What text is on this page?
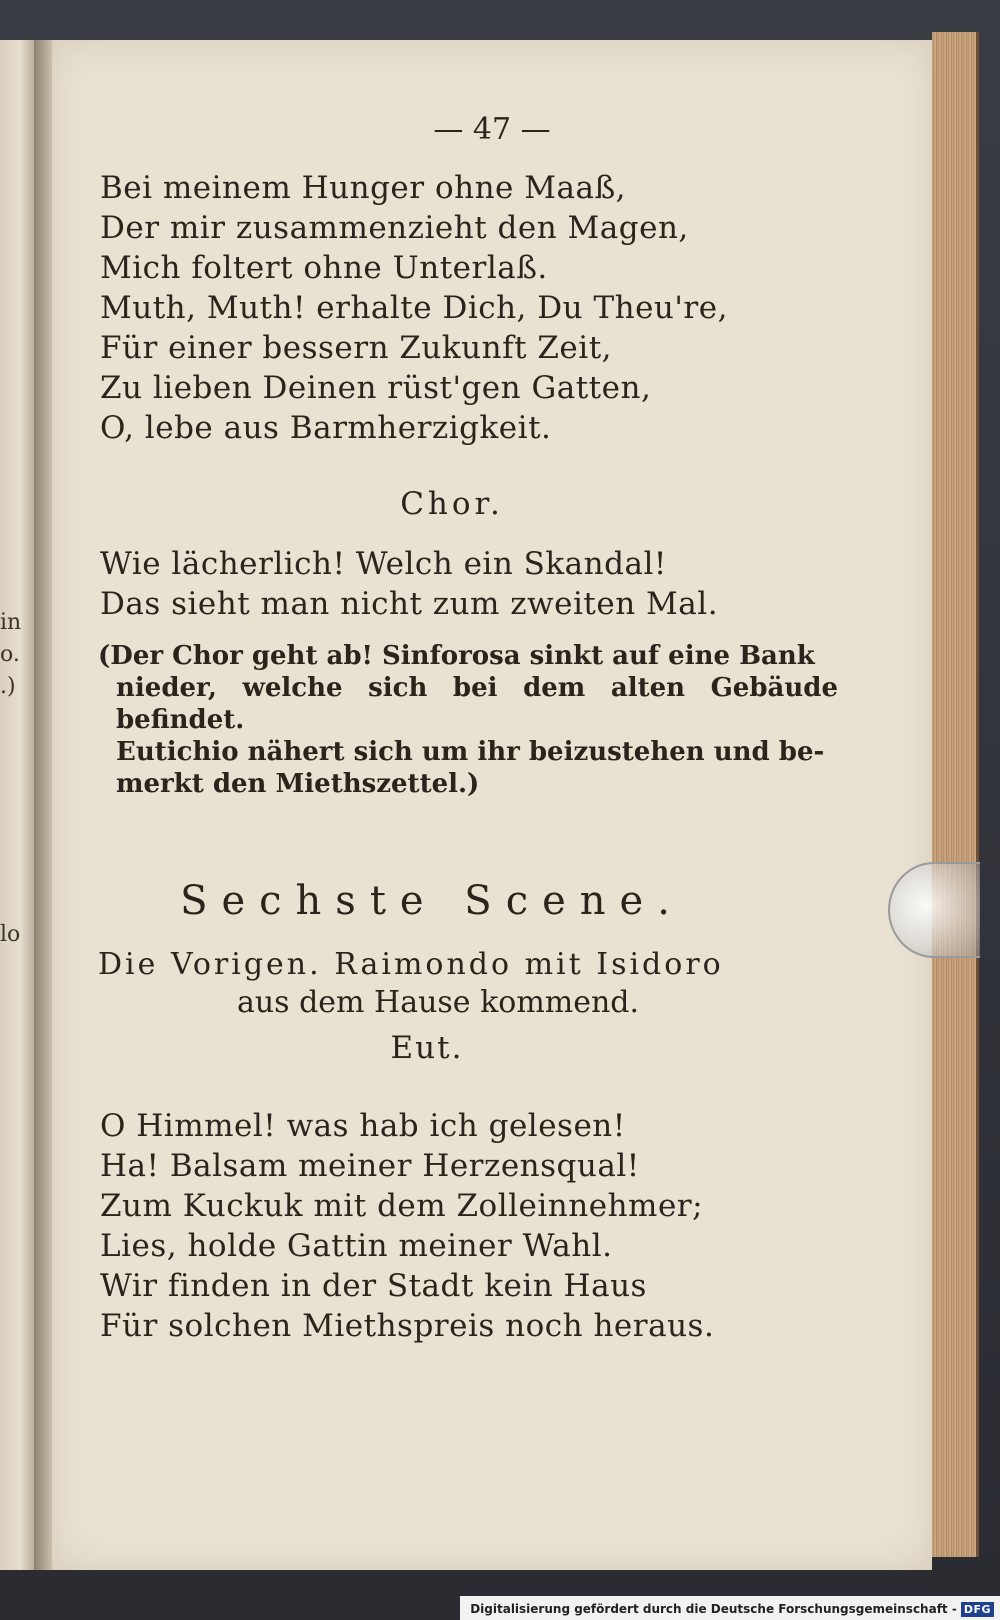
in
o.
.)
lo
— 47 —
Bei meinem Hunger ohne Maaß,
Der mir zusammenzieht den Magen,
Mich foltert ohne Unterlaß.
Muth, Muth! erhalte Dich, Du Theu're,
Für einer bessern Zukunft Zeit,
Zu lieben Deinen rüst'gen Gatten,
O, lebe aus Barmherzigkeit.
Chor.
Wie lächerlich! Welch ein Skandal!
Das sieht man nicht zum zweiten Mal.
(Der Chor geht ab! Sinforosa sinkt auf eine Bank
nieder, welche sich bei dem alten Gebäude befindet.
Eutichio nähert sich um ihr beizustehen und be-
merkt den Miethszettel.)
Sechste Scene.
Die Vorigen. Raimondo mit Isidoro
aus dem Hause kommend.
Eut.
O Himmel! was hab ich gelesen!
Ha! Balsam meiner Herzensqual!
Zum Kuckuk mit dem Zolleinnehmer;
Lies, holde Gattin meiner Wahl.
Wir finden in der Stadt kein Haus
Für solchen Miethspreis noch heraus.
Digitalisierung gefördert durch die Deutsche Forschungsgemeinschaft - DFG
